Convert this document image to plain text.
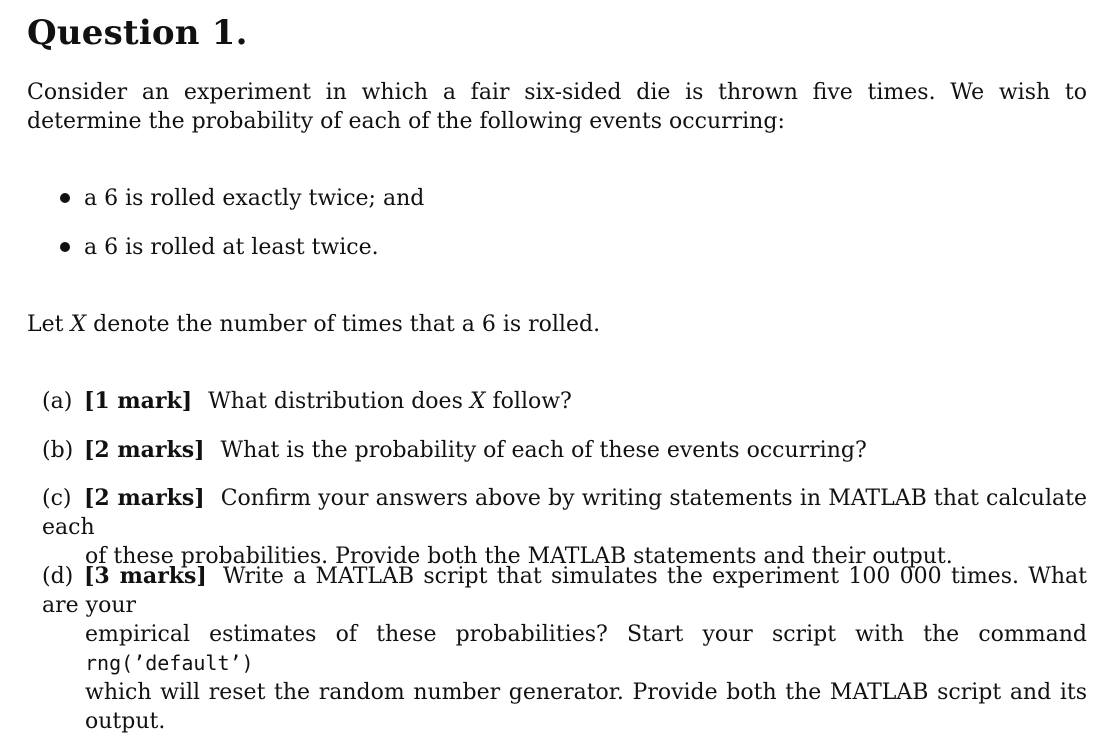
Question 1.
Consider an experiment in which a fair six-sided die is thrown five times. We wish to determine the probability of each of the following events occurring:
a 6 is rolled exactly twice; and
a 6 is rolled at least twice.
Let X denote the number of times that a 6 is rolled.
(a) [1 mark] What distribution does X follow?
(b) [2 marks] What is the probability of each of these events occurring?
(c) [2 marks] Confirm your answers above by writing statements in MATLAB that calculate each
of these probabilities. Provide both the MATLAB statements and their output.
(d) [3 marks] Write a MATLAB script that simulates the experiment 100 000 times. What are your
empirical estimates of these probabilities? Start your script with the command rng(’default’)
which will reset the random number generator. Provide both the MATLAB script and its output.
